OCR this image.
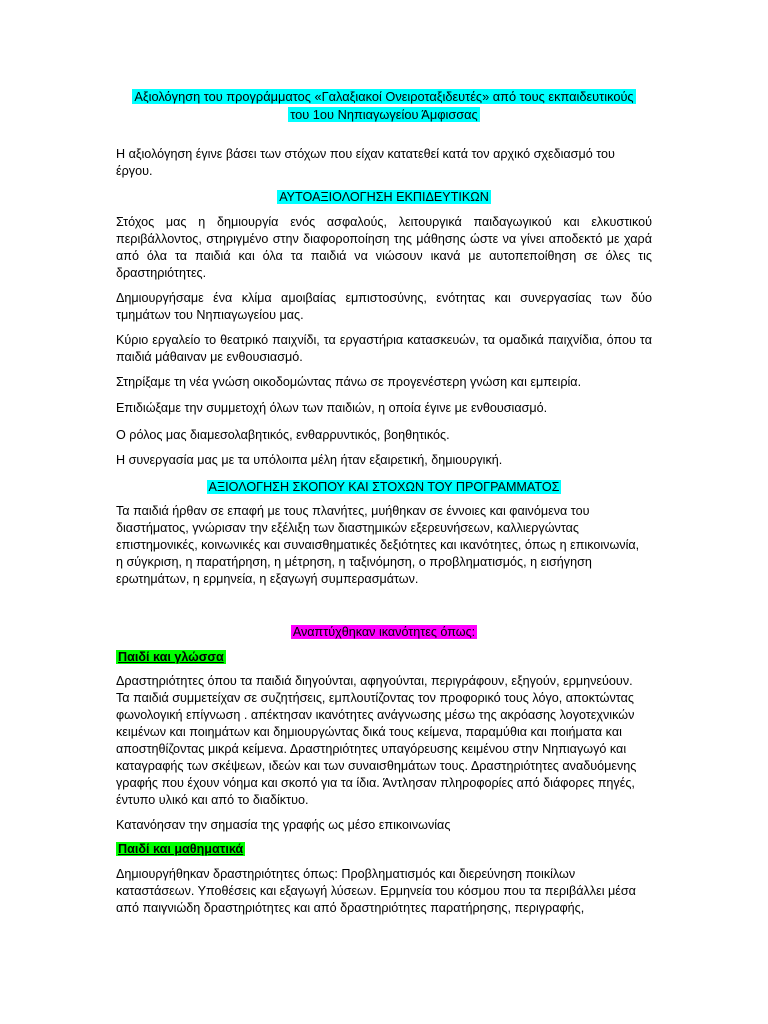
Αξιολόγηση του προγράμματος «Γαλαξιακοί Ονειροταξιδευτές» από τους εκπαιδευτικούς
του 1ου Νηπιαγωγείου Άμφισσας
Η αξιολόγηση έγινε βάσει των στόχων που είχαν κατατεθεί κατά τον αρχικό σχεδιασμό του έργου.
ΑΥΤΟΑΞΙΟΛΟΓΗΣΗ ΕΚΠΙΔΕΥΤΙΚΩΝ
Στόχος μας η δημιουργία ενός ασφαλούς, λειτουργικά παιδαγωγικού και ελκυστικού περιβάλλοντος, στηριγμένο στην διαφοροποίηση της μάθησης ώστε να γίνει αποδεκτό με χαρά από όλα τα παιδιά και όλα τα παιδιά να νιώσουν ικανά με αυτοπεποίθηση σε όλες τις δραστηριότητες.
Δημιουργήσαμε ένα κλίμα αμοιβαίας εμπιστοσύνης, ενότητας και συνεργασίας των δύο τμημάτων του Νηπιαγωγείου μας.
Κύριο εργαλείο το θεατρικό παιχνίδι, τα εργαστήρια κατασκευών, τα ομαδικά παιχνίδια, όπου τα παιδιά μάθαιναν με ενθουσιασμό.
Στηρίξαμε τη νέα γνώση οικοδομώντας πάνω σε προγενέστερη γνώση και εμπειρία.
Επιδιώξαμε την συμμετοχή όλων των παιδιών, η οποία έγινε με ενθουσιασμό.
Ο ρόλος μας διαμεσολαβητικός, ενθαρρυντικός, βοηθητικός.
Η συνεργασία μας με τα υπόλοιπα μέλη ήταν εξαιρετική, δημιουργική.
ΑΞΙΟΛΟΓΗΣΗ ΣΚΟΠΟΥ ΚΑΙ ΣΤΟΧΩΝ ΤΟΥ ΠΡΟΓΡΑΜΜΑΤΟΣ
Τα παιδιά ήρθαν σε επαφή με τους πλανήτες, μυήθηκαν σε έννοιες και φαινόμενα του διαστήματος, γνώρισαν την εξέλιξη των διαστημικών εξερευνήσεων, καλλιεργώντας επιστημονικές, κοινωνικές και συναισθηματικές δεξιότητες και ικανότητες, όπως η επικοινωνία, η σύγκριση, η παρατήρηση, η μέτρηση, η ταξινόμηση, ο προβληματισμός, η εισήγηση ερωτημάτων, η ερμηνεία, η εξαγωγή συμπερασμάτων.
Αναπτύχθηκαν ικανότητες όπως:
Παιδί και γλώσσα
Δραστηριότητες όπου τα παιδιά διηγούνται, αφηγούνται, περιγράφουν, εξηγούν, ερμηνεύουν. Τα παιδιά συμμετείχαν σε συζητήσεις, εμπλουτίζοντας τον προφορικό τους λόγο, αποκτώντας φωνολογική επίγνωση . απέκτησαν ικανότητες ανάγνωσης μέσω της ακρόασης λογοτεχνικών κειμένων και ποιημάτων και δημιουργώντας δικά τους κείμενα, παραμύθια και ποιήματα και αποστηθίζοντας μικρά κείμενα. Δραστηριότητες υπαγόρευσης κειμένου στην Νηπιαγωγό και καταγραφής των σκέψεων, ιδεών και των συναισθημάτων τους. Δραστηριότητες αναδυόμενης γραφής που έχουν νόημα και σκοπό για τα ίδια. Άντλησαν πληροφορίες από διάφορες πηγές, έντυπο υλικό και από το διαδίκτυο.
Κατανόησαν την σημασία της γραφής ως μέσο επικοινωνίας
Παιδί και μαθηματικά
Δημιουργήθηκαν δραστηριότητες όπως: Προβληματισμός και διερεύνηση ποικίλων καταστάσεων. Υποθέσεις και εξαγωγή λύσεων. Ερμηνεία του κόσμου που τα περιβάλλει μέσα από παιγνιώδη δραστηριότητες και από δραστηριότητες παρατήρησης, περιγραφής,
